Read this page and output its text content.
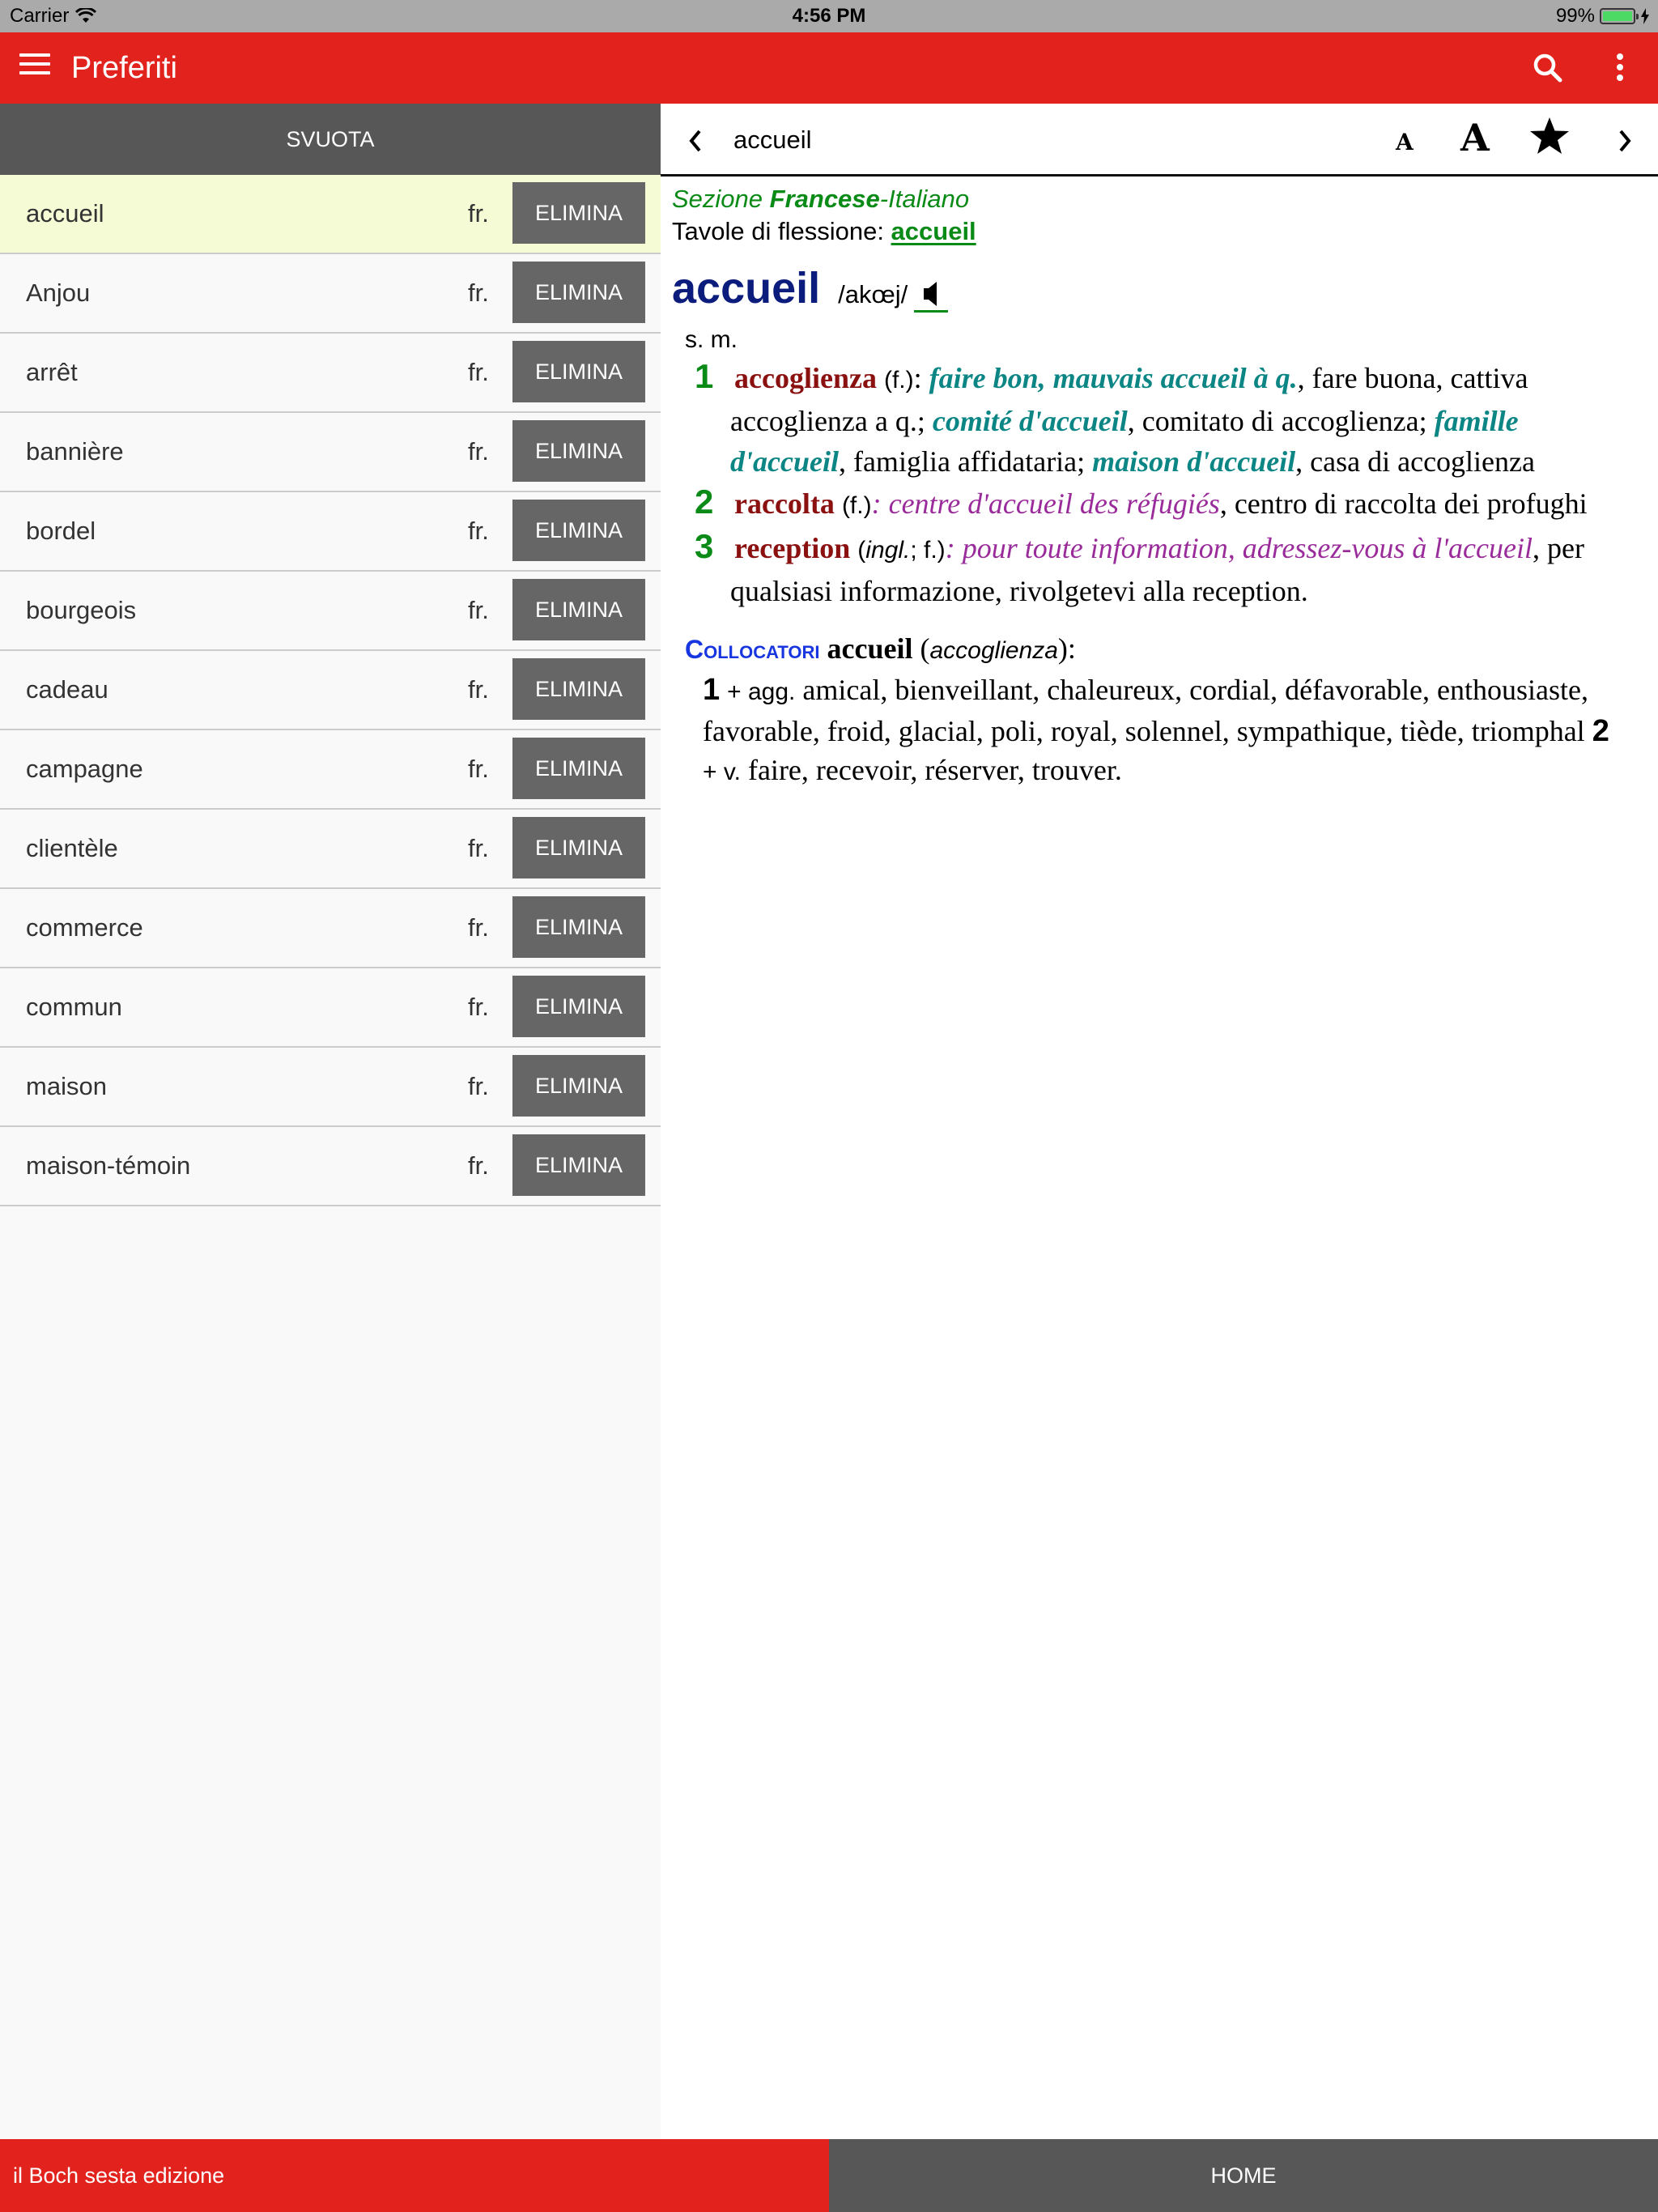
Carrier	4:56 PM	99%
Preferiti
SVUOTA
accueil	fr.	ELIMINA
Anjou	fr.	ELIMINA
arrêt	fr.	ELIMINA
bannière	fr.	ELIMINA
bordel	fr.	ELIMINA
bourgeois	fr.	ELIMINA
cadeau	fr.	ELIMINA
campagne	fr.	ELIMINA
clientèle	fr.	ELIMINA
commerce	fr.	ELIMINA
commun	fr.	ELIMINA
maison	fr.	ELIMINA
maison-témoin	fr.	ELIMINA
accueil	A A
Sezione Francese-Italiano
Tavole di flessione: accueil
accueil /akœj/
s. m.
1 accoglienza (f.): faire bon, mauvais accueil à q., fare buona, cattiva accoglienza a q.; comité d'accueil, comitato di accoglienza; famille d'accueil, famiglia affidataria; maison d'accueil, casa di accoglienza
2 raccolta (f.): centre d'accueil des réfugiés, centro di raccolta dei profughi
3 reception (ingl.; f.): pour toute information, adressez-vous à l'accueil, per qualsiasi informazione, rivolgetevi alla reception.
Collocatori accueil (accoglienza):
1 + agg. amical, bienveillant, chaleureux, cordial, défavorable, enthousiaste, favorable, froid, glacial, poli, royal, solennel, sympathique, tiède, triomphal 2 + v. faire, recevoir, réserver, trouver.
il Boch sesta edizione	HOME
